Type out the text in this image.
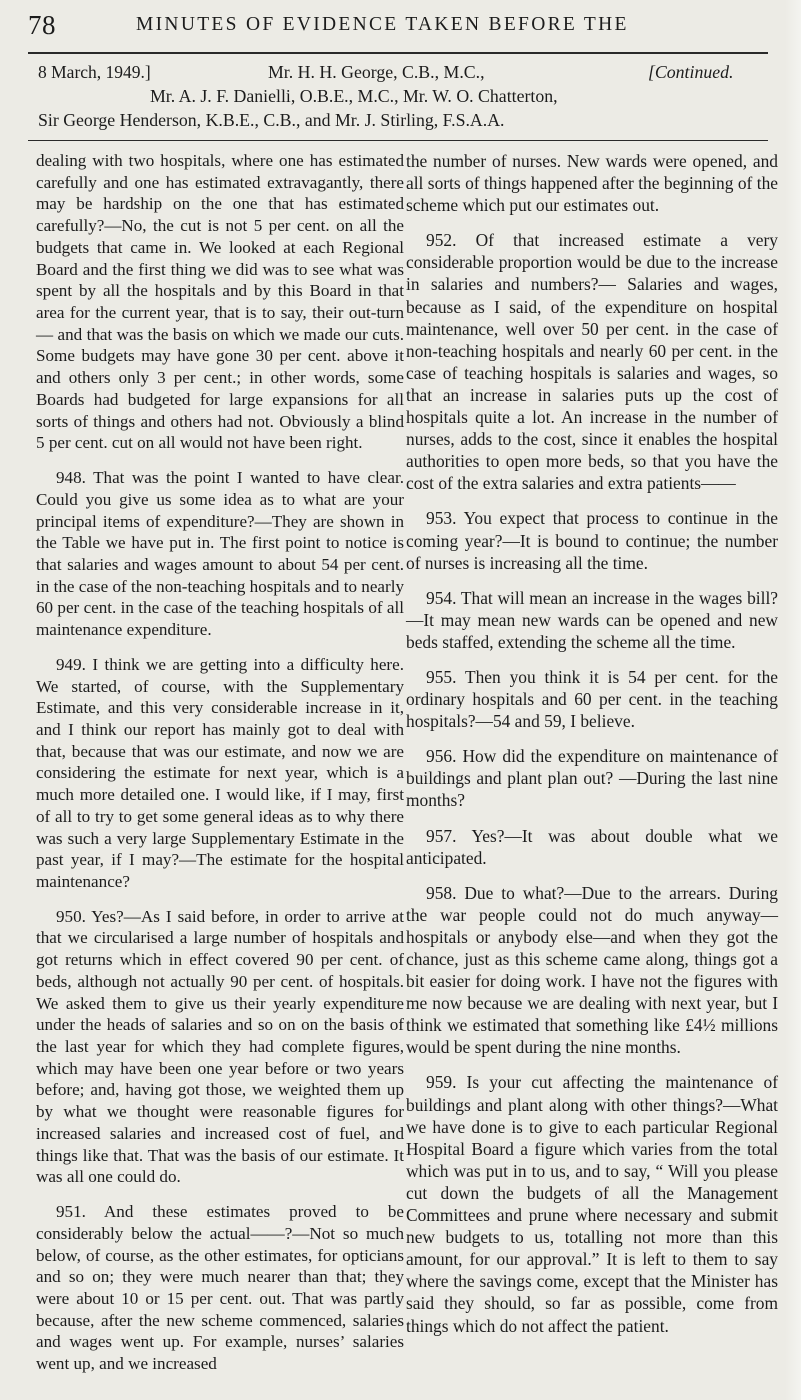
78	MINUTES OF EVIDENCE TAKEN BEFORE THE
8 March, 1949.]	Mr. H. H. George, C.B., M.C.,	[Continued.
Mr. A. J. F. Danielli, O.B.E., M.C., Mr. W. O. Chatterton,
Sir George Henderson, K.B.E., C.B., and Mr. J. Stirling, F.S.A.A.

dealing with two hospitals, where one has estimated carefully and one has estimated extravagantly, there may be hardship on the one that has estimated carefully?—No, the cut is not 5 per cent. on all the budgets that came in. We looked at each Regional Board and the first thing we did was to see what was spent by all the hospitals and by this Board in that area for the current year, that is to say, their out-turn— and that was the basis on which we made our cuts. Some budgets may have gone 30 per cent. above it and others only 3 per cent.; in other words, some Boards had budgeted for large expansions for all sorts of things and others had not. Obviously a blind 5 per cent. cut on all would not have been right.

948. That was the point I wanted to have clear. Could you give us some idea as to what are your principal items of expenditure?—They are shown in the Table we have put in. The first point to notice is that salaries and wages amount to about 54 per cent. in the case of the non-teaching hospitals and to nearly 60 per cent. in the case of the teaching hospitals of all maintenance expenditure.

949. I think we are getting into a difficulty here. We started, of course, with the Supplementary Estimate, and this very considerable increase in it, and I think our report has mainly got to deal with that, because that was our estimate, and now we are considering the estimate for next year, which is a much more detailed one. I would like, if I may, first of all to try to get some general ideas as to why there was such a very large Supplementary Estimate in the past year, if I may?—The estimate for the hospital maintenance?

950. Yes?—As I said before, in order to arrive at that we circularised a large number of hospitals and got returns which in effect covered 90 per cent. of beds, although not actually 90 per cent. of hospitals. We asked them to give us their yearly expenditure under the heads of salaries and so on on the basis of the last year for which they had complete figures, which may have been one year before or two years before; and, having got those, we weighted them up by what we thought were reasonable figures for increased salaries and increased cost of fuel, and things like that. That was the basis of our estimate. It was all one could do.

951. And these estimates proved to be considerably below the actual——?—Not so much below, of course, as the other estimates, for opticians and so on; they were much nearer than that; they were about 10 or 15 per cent. out. That was partly because, after the new scheme commenced, salaries and wages went up. For example, nurses’ salaries went up, and we increased

the number of nurses. New wards were opened, and all sorts of things happened after the beginning of the scheme which put our estimates out.

952. Of that increased estimate a very considerable proportion would be due to the increase in salaries and numbers?— Salaries and wages, because as I said, of the expenditure on hospital maintenance, well over 50 per cent. in the case of non-teaching hospitals and nearly 60 per cent. in the case of teaching hospitals is salaries and wages, so that an increase in salaries puts up the cost of hospitals quite a lot. An increase in the number of nurses, adds to the cost, since it enables the hospital authorities to open more beds, so that you have the cost of the extra salaries and extra patients——

953. You expect that process to continue in the coming year?—It is bound to continue; the number of nurses is increasing all the time.

954. That will mean an increase in the wages bill?—It may mean new wards can be opened and new beds staffed, extending the scheme all the time.

955. Then you think it is 54 per cent. for the ordinary hospitals and 60 per cent. in the teaching hospitals?—54 and 59, I believe.

956. How did the expenditure on maintenance of buildings and plant plan out? —During the last nine months?

957. Yes?—It was about double what we anticipated.

958. Due to what?—Due to the arrears. During the war people could not do much anyway—hospitals or anybody else—and when they got the chance, just as this scheme came along, things got a bit easier for doing work. I have not the figures with me now because we are dealing with next year, but I think we estimated that something like £4½ millions would be spent during the nine months.

959. Is your cut affecting the maintenance of buildings and plant along with other things?—What we have done is to give to each particular Regional Hospital Board a figure which varies from the total which was put in to us, and to say, “ Will you please cut down the budgets of all the Management Committees and prune where necessary and submit new budgets to us, totalling not more than this amount, for our approval.” It is left to them to say where the savings come, except that the Minister has said they should, so far as possible, come from things which do not affect the patient.
